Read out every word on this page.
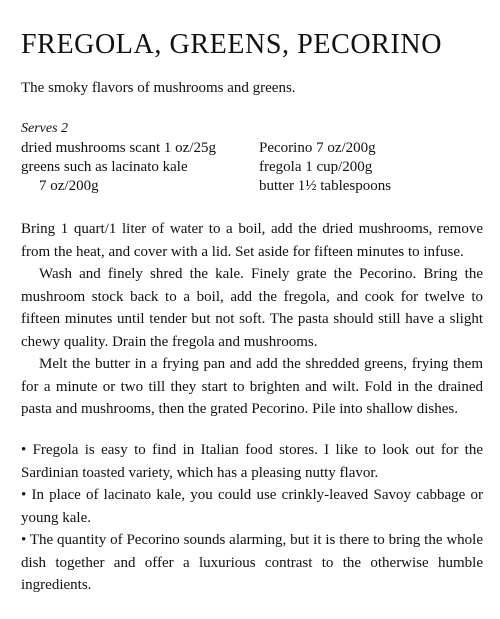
FREGOLA, GREENS, PECORINO
The smoky flavors of mushrooms and greens.
Serves 2
dried mushrooms scant 1 oz/25g
greens such as lacinato kale
7 oz/200g
Pecorino 7 oz/200g
fregola 1 cup/200g
butter 1½ tablespoons

Bring 1 quart/1 liter of water to a boil, add the dried mushrooms, remove from the heat, and cover with a lid. Set aside for fifteen minutes to infuse.

Wash and finely shred the kale. Finely grate the Pecorino. Bring the mushroom stock back to a boil, add the fregola, and cook for twelve to fifteen minutes until tender but not soft. The pasta should still have a slight chewy quality. Drain the fregola and mushrooms.

Melt the butter in a frying pan and add the shredded greens, frying them for a minute or two till they start to brighten and wilt. Fold in the drained pasta and mushrooms, then the grated Pecorino. Pile into shallow dishes.

• Fregola is easy to find in Italian food stores. I like to look out for the Sardinian toasted variety, which has a pleasing nutty flavor.

• In place of lacinato kale, you could use crinkly-leaved Savoy cabbage or young kale.

• The quantity of Pecorino sounds alarming, but it is there to bring the whole dish together and offer a luxurious contrast to the otherwise humble ingredients.
